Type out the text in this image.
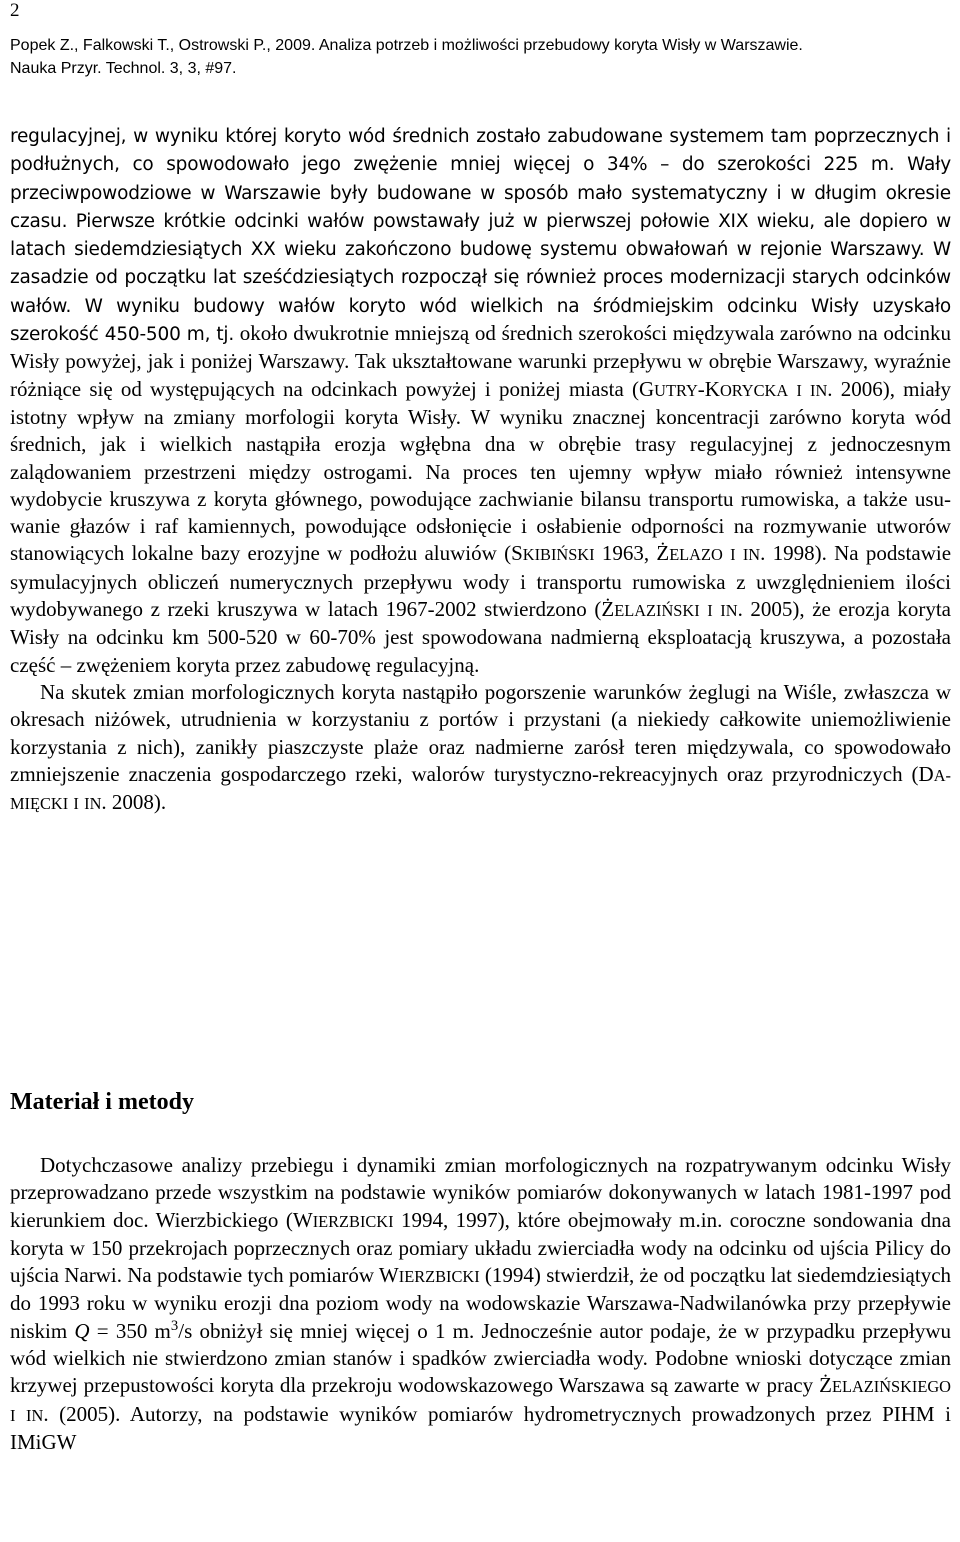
2
Popek Z., Falkowski T., Ostrowski P., 2009. Analiza potrzeb i możliwości przebudowy koryta Wisły w Warszawie.
Nauka Przyr. Technol. 3, 3, #97.

regulacyjnej, w wyniku której koryto wód średnich zostało zabudowane systemem tam poprzecznych i podłużnych, co spowodowało jego zwężenie mniej więcej o 34% – do szerokości 225 m. Wały przeciwpowodziowe w Warszawie były budowane w sposób mało systematyczny i w długim okresie czasu. Pierwsze krótkie odcinki wałów powstawały już w pierwszej połowie XIX wieku, ale dopiero w latach siedemdziesiątych XX wieku zakończono budowę systemu obwałowań w rejonie Warszawy. W zasadzie od początku lat sześćdziesiątych rozpoczął się również proces modernizacji starych odcinków wałów. W wyniku budowy wałów koryto wód wielkich na śródmiejskim odcinku Wisły uzyskało szerokość 450-500 m, tj. około dwukrotnie mniejszą od średnich szerokości międzywala zarówno na odcinku Wisły powyżej, jak i poniżej Warszawy. Tak ukształtowane warunki przepływu w obrębie Warszawy, wyraźnie różniące się od występujących na odcinkach powyżej i poniżej miasta (GUTRY-KORYCKA I IN. 2006), miały istotny wpływ na zmiany morfologii koryta Wisły. W wyniku znacznej koncentracji zarówno koryta wód średnich, jak i wielkich nastąpiła erozja wgłębna dna w obrębie trasy regulacyjnej z jednoczesnym zalądowaniem przestrzeni między ostrogami. Na proces ten ujemny wpływ miało również intensywne wydobycie kruszywa z koryta głównego, powodujące zachwianie bilansu transportu rumowiska, a także usuwanie głazów i raf kamiennych, powodujące odsłonięcie i osłabienie odporności na rozmywanie utworów stanowiących lokalne bazy erozyjne w podłożu aluwiów (SKIBIŃSKI 1963, ŻELAZO I IN. 1998). Na podstawie symulacyjnych obliczeń numerycznych przepływu wody i transportu rumowiska z uwzględnieniem ilości wydobywanego z rzeki kruszywa w latach 1967-2002 stwierdzono (ŻELAZIŃSKI I IN. 2005), że erozja koryta Wisły na odcinku km 500-520 w 60-70% jest spowodowana nadmierną eksploatacją kruszywa, a pozostała część – zwężeniem koryta przez zabudowę regulacyjną.

Na skutek zmian morfologicznych koryta nastąpiło pogorszenie warunków żeglugi na Wiśle, zwłaszcza w okresach niżówek, utrudnienia w korzystaniu z portów i przystani (a niekiedy całkowite uniemożliwienie korzystania z nich), zanikły piaszczyste plaże oraz nadmierne zarósł teren międzywala, co spowodowało zmniejszenie znaczenia gospodarczego rzeki, walorów turystyczno-rekreacyjnych oraz przyrodniczych (DAMIĘCKI I IN. 2008).

Materiał i metody

Dotychczasowe analizy przebiegu i dynamiki zmian morfologicznych na rozpatrywanym odcinku Wisły przeprowadzano przede wszystkim na podstawie wyników pomiarów dokonywanych w latach 1981-1997 pod kierunkiem doc. Wierzbickiego (WIERZBICKI 1994, 1997), które obejmowały m.in. coroczne sondowania dna koryta w 150 przekrojach poprzecznych oraz pomiary układu zwierciadła wody na odcinku od ujścia Pilicy do ujścia Narwi. Na podstawie tych pomiarów WIERZBICKI (1994) stwierdził, że od początku lat siedemdziesiątych do 1993 roku w wyniku erozji dna poziom wody na wodowskazie Warszawa-Nadwilanówka przy przepływie niskim Q = 350 $m^3/s$ obniżył się mniej więcej o 1 m. Jednocześnie autor podaje, że w przypadku przepływu wód wielkich nie stwierdzono zmian stanów i spadków zwierciadła wody. Podobne wnioski dotyczące zmian krzywej przepustowości koryta dla przekroju wodowskazowego Warszawa są zawarte w pracy ŻELAZIŃSKIEGO I IN. (2005). Autorzy, na podstawie wyników pomiarów hydrometrycznych prowadzonych przez PIHM i IMiGW
